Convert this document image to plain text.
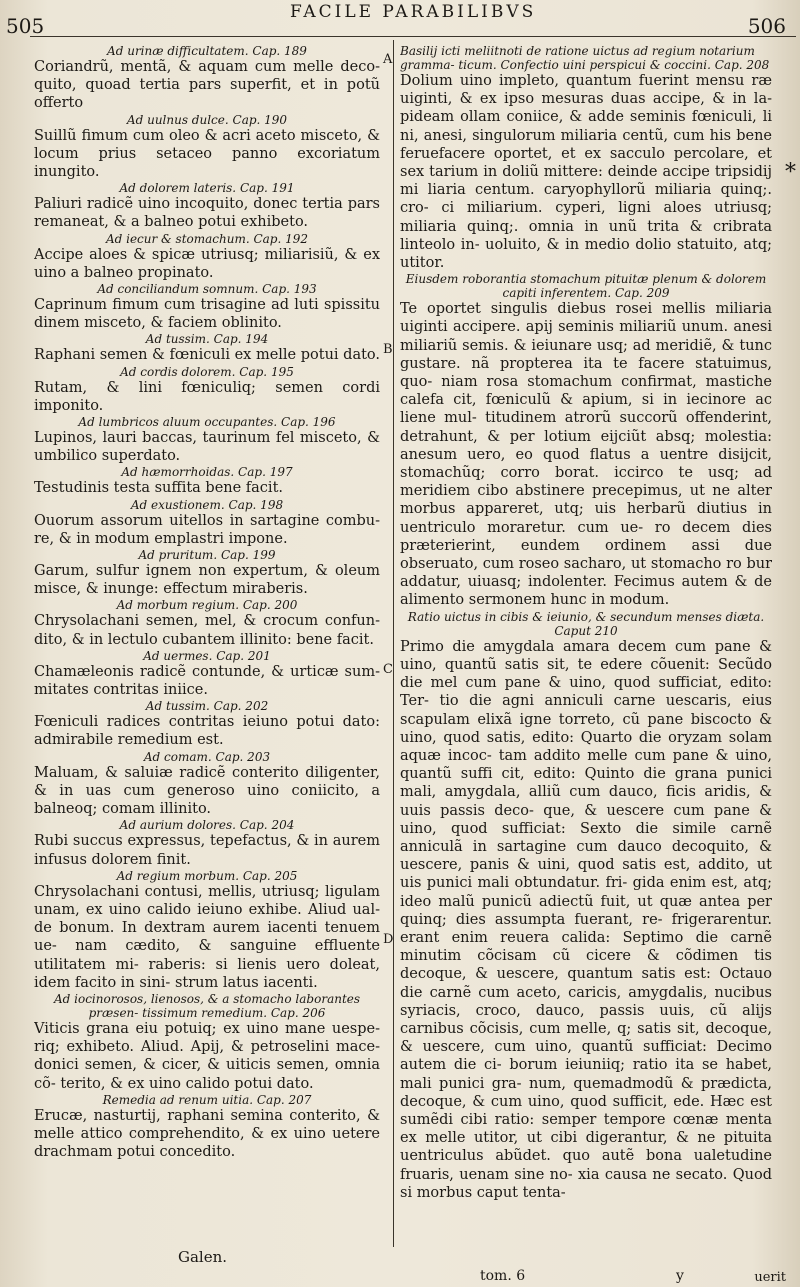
505
FACILE PARABILIBVS
506

Ad urinæ difficultatem. Cap. 189

Coriandrũ, mentã, & aquam cum melle deco- quito, quoad tertia pars superfit, et in potũ offerto

Ad uulnus dulce. Cap. 190

Suillũ fimum cum oleo & acri aceto misceto, & locum prius setaceo panno excoriatum inungito.

Ad dolorem lateris. Cap. 191

Paliuri radicẽ uino incoquito, donec tertia pars remaneat, & a balneo potui exhibeto.

Ad iecur & stomachum. Cap. 192

Accipe aloes & spicæ utriusq; miliarisiũ, & ex uino a balneo propinato.

Ad conciliandum somnum. Cap. 193

Caprinum fimum cum trisagine ad luti spissitu dinem misceto, & faciem oblinito.

Ad tussim. Cap. 194

Raphani semen & fœniculi ex melle potui dato.

Ad cordis dolorem. Cap. 195

Rutam, & lini fœniculiq; semen cordi imponito.

Ad lumbricos aluum occupantes. Cap. 196

Lupinos, lauri baccas, taurinum fel misceto, & umbilico superdato.

Ad hæmorrhoidas. Cap. 197

Testudinis testa suffita bene facit.

Ad exustionem. Cap. 198

Ouorum assorum uitellos in sartagine combu- re, & in modum emplastri impone.

Ad pruritum. Cap. 199

Garum, sulfur ignem non expertum, & oleum misce, & inunge: effectum miraberis.

Ad morbum regium. Cap. 200

Chrysolachani semen, mel, & crocum confun- dito, & in lectulo cubantem illinito: bene facit.

Ad uermes. Cap. 201

Chamæleonis radicẽ contunde, & urticæ sum- mitates contritas iniice.

Ad tussim. Cap. 202

Fœniculi radices contritas ieiuno potui dato: admirabile remedium est.

Ad comam. Cap. 203

Maluam, & saluiæ radicẽ conterito diligenter, & in uas cum generoso uino coniicito, a balneoq; comam illinito.

Ad aurium dolores. Cap. 204

Rubi succus expressus, tepefactus, & in aurem infusus dolorem finit.

Ad regium morbum. Cap. 205

Chrysolachani contusi, mellis, utriusq; ligulam unam, ex uino calido ieiuno exhibe. Aliud ual- de bonum. In dextram aurem iacenti tenuem ue- nam cædito, & sanguine effluente utilitatem mi- raberis: si lienis uero doleat, idem facito in sini- strum latus iacenti.

Ad iocinorosos, lienosos, & a stomacho laborantes præsen- tissimum remedium. Cap. 206

Viticis grana eiu potuiq; ex uino mane uespe- riq; exhibeto. Aliud. Apij, & petroselini mace- donici semen, & cicer, & uiticis semen, omnia cõ- terito, & ex uino calido potui dato.

Remedia ad renum uitia. Cap. 207

Erucæ, nasturtij, raphani semina conterito, & melle attico comprehendito, & ex uino uetere drachmam potui concedito.

Basilij icti meliitnoti de ratione uictus ad regium notarium gramma- ticum. Confectio uini perspicui & coccini. Cap. 208

Dolium uino impleto, quantum fuerint mensu ræ uiginti, & ex ipso mesuras duas accipe, & in la- pideam ollam coniice, & adde seminis fœniculi, li ni, anesi, singulorum miliaria centũ, cum his bene feruefacere oportet, et ex sacculo percolare, et sex tarium in doliũ mittere: deinde accipe tripsidij mi liaria centum. caryophyllorũ miliaria quinq;. cro- ci miliarium. cyperi, ligni aloes utriusq; miliaria quinq;. omnia in unũ trita & cribrata linteolo in- uoluito, & in medio dolio statuito, atq; utitor.

Eiusdem roborantia stomachum pituitæ plenum & dolorem capiti inferentem. Cap. 209

Te oportet singulis diebus rosei mellis miliaria uiginti accipere. apij seminis miliariũ unum. anesi miliariũ semis. & ieiunare usq; ad meridiẽ, & tunc gustare. nã propterea ita te facere statuimus, quo- niam rosa stomachum confirmat, mastiche calefa cit, fœniculũ & apium, si in iecinore ac liene mul- titudinem atrorũ succorũ offenderint, detrahunt, & per lotium eijciũt absq; molestia: anesum uero, eo quod flatus a uentre disijcit, stomachũq; corro borat. iccirco te usq; ad meridiem cibo abstinere precepimus, ut ne alter morbus appareret, utq; uis herbarũ diutius in uentriculo moraretur. cum ue- ro decem dies præterierint, eundem ordinem assi due obseruato, cum roseo sacharo, ut stomacho ro bur addatur, uiuasq; indolenter. Fecimus autem & de alimento sermonem hunc in modum.

Ratio uictus in cibis & ieiunio, & secundum menses diæta. Caput 210

Primo die amygdala amara decem cum pane & uino, quantũ satis sit, te edere cõuenit: Secũdo die mel cum pane & uino, quod sufficiat, edito: Ter- tio die agni anniculi carne uescaris, eius scapulam elixã igne torreto, cũ pane biscocto & uino, quod satis, edito: Quarto die oryzam solam aquæ incoc- tam addito melle cum pane & uino, quantũ suffi cit, edito: Quinto die grana punici mali, amygdala, alliũ cum dauco, ficis aridis, & uuis passis deco- que, & uescere cum pane & uino, quod sufficiat: Sexto die simile carnẽ anniculã in sartagine cum dauco decoquito, & uescere, panis & uini, quod satis est, addito, ut uis punici mali obtundatur. fri- gida enim est, atq; ideo malũ punicũ adiectũ fuit, ut quæ antea per quinq; dies assumpta fuerant, re- frigerarentur. erant enim reuera calida: Septimo die carnẽ minutim cõcisam cũ cicere & cõdimen tis decoque, & uescere, quantum satis est: Octauo die carnẽ cum aceto, caricis, amygdalis, nucibus syriacis, croco, dauco, passis uuis, cũ alijs carnibus cõcisis, cum melle, q; satis sit, decoque, & uescere, cum uino, quantũ sufficiat: Decimo autem die ci- borum ieiuniiq; ratio ita se habet, mali punici gra- num, quemadmodũ & prædicta, decoque, & cum uino, quod sufficit, ede. Hæc est sumẽdi cibi ratio: semper tempore cœnæ menta ex melle utitor, ut cibi digerantur, & ne pituita uentriculus abũdet. quo autẽ bona ualetudine fruaris, uenam sine no- xia causa ne secato. Quod si morbus caput tenta-

A
B
C
D
*
Galen.
tom. 6	y	uerit
